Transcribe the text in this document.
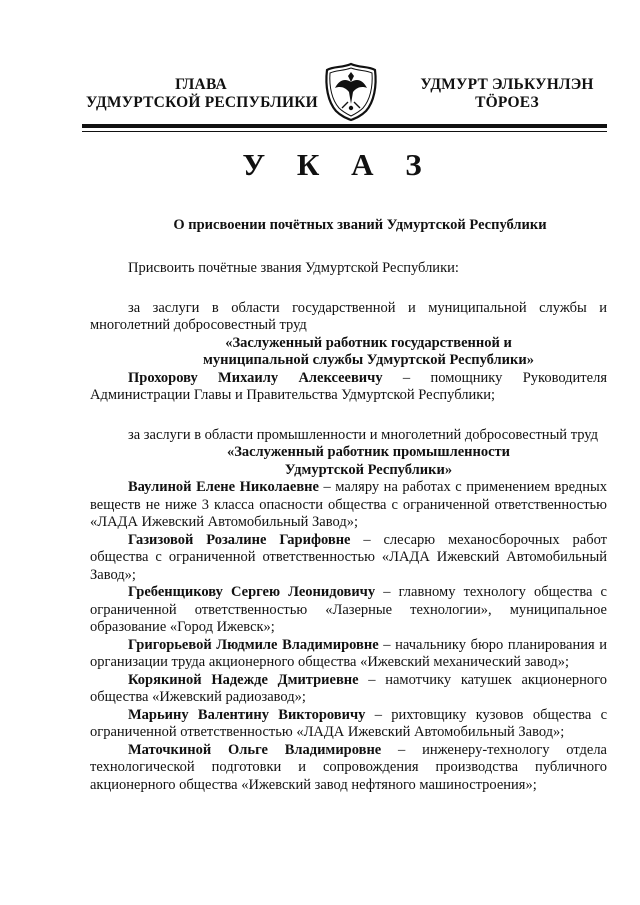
ГЛАВА
УДМУРТСКОЙ РЕСПУБЛИКИ
УДМУРТ ЭЛЬКУНЛЭН
ТÖРОЕЗ
У К А З
О присвоении почётных званий Удмуртской Республики

Присвоить почётные звания Удмуртской Республики:

за заслуги в области государственной и муниципальной службы и многолетний добросовестный труд

«Заслуженный работник государственной и
муниципальной службы Удмуртской Республики»

Прохорову Михаилу Алексеевичу – помощнику Руководителя Администрации Главы и Правительства Удмуртской Республики;

за заслуги в области промышленности и многолетний добросовестный труд

«Заслуженный работник промышленности
Удмуртской Республики»

Ваулиной Елене Николаевне – маляру на работах с применением вредных веществ не ниже 3 класса опасности общества с ограниченной ответственностью «ЛАДА Ижевский Автомобильный Завод»;

Газизовой Розалине Гарифовне – слесарю механосборочных работ общества с ограниченной ответственностью «ЛАДА Ижевский Автомобильный Завод»;

Гребенщикову Сергею Леонидовичу – главному технологу общества с ограниченной ответственностью «Лазерные технологии», муниципальное образование «Город Ижевск»;

Григорьевой Людмиле Владимировне – начальнику бюро планирования и организации труда акционерного общества «Ижевский механический завод»;

Корякиной Надежде Дмитриевне – намотчику катушек акционерного общества «Ижевский радиозавод»;

Марьину Валентину Викторовичу – рихтовщику кузовов общества с ограниченной ответственностью «ЛАДА Ижевский Автомобильный Завод»;

Маточкиной Ольге Владимировне – инженеру-технологу отдела технологической подготовки и сопровождения производства публичного акционерного общества «Ижевский завод нефтяного машиностроения»;
